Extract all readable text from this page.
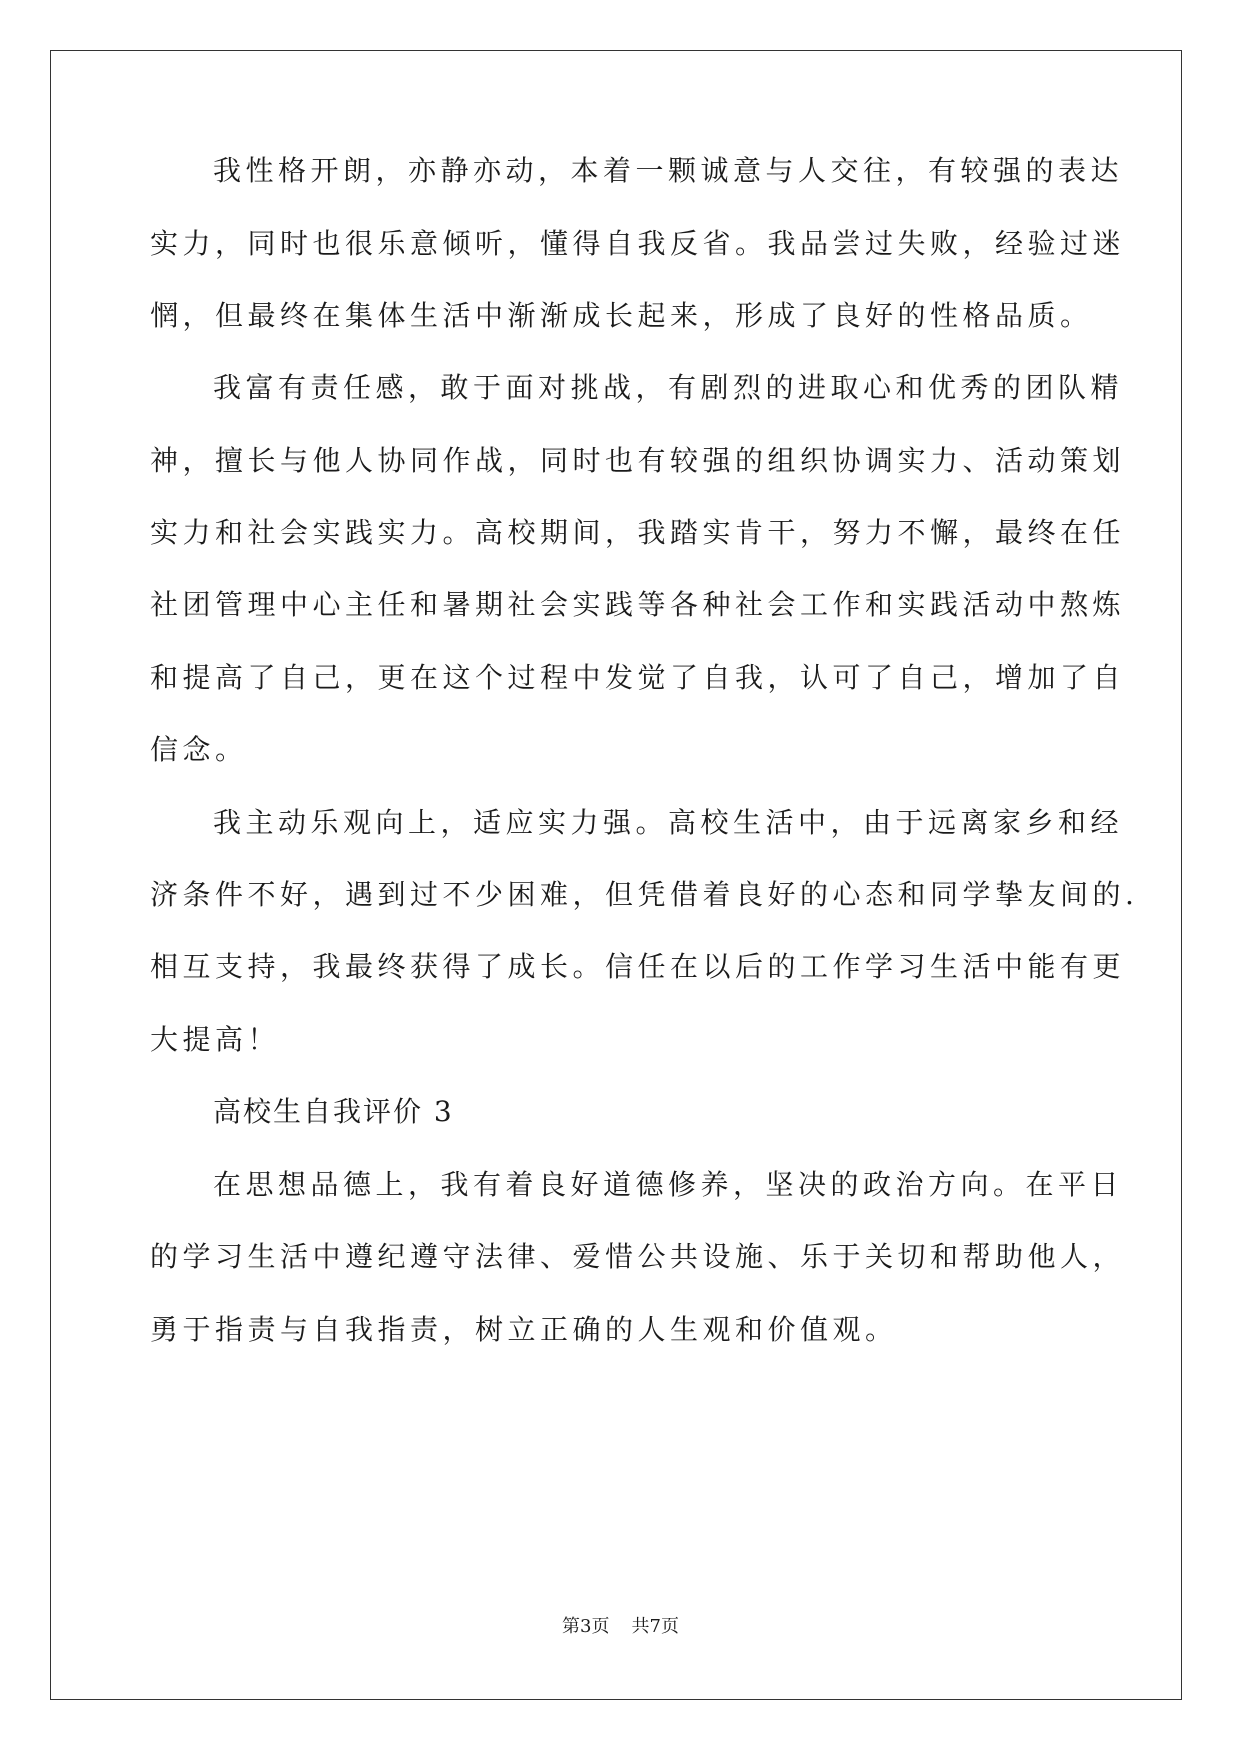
我性格开朗，亦静亦动，本着一颗诚意与人交往，有较强的表达
实力，同时也很乐意倾听，懂得自我反省。我品尝过失败，经验过迷
惘，但最终在集体生活中渐渐成长起来，形成了良好的性格品质。
我富有责任感，敢于面对挑战，有剧烈的进取心和优秀的团队精
神，擅长与他人协同作战，同时也有较强的组织协调实力、活动策划
实力和社会实践实力。高校期间，我踏实肯干，努力不懈，最终在任
社团管理中心主任和暑期社会实践等各种社会工作和实践活动中熬炼
和提高了自己，更在这个过程中发觉了自我，认可了自己，增加了自
信念。
我主动乐观向上，适应实力强。高校生活中，由于远离家乡和经
济条件不好，遇到过不少困难，但凭借着良好的心态和同学挚友间的.
相互支持，我最终获得了成长。信任在以后的工作学习生活中能有更
大提高！
高校生自我评价 3
在思想品德上，我有着良好道德修养，坚决的政治方向。在平日
的学习生活中遵纪遵守法律、爱惜公共设施、乐于关切和帮助他人，
勇于指责与自我指责，树立正确的人生观和价值观。
第3页 共7页
